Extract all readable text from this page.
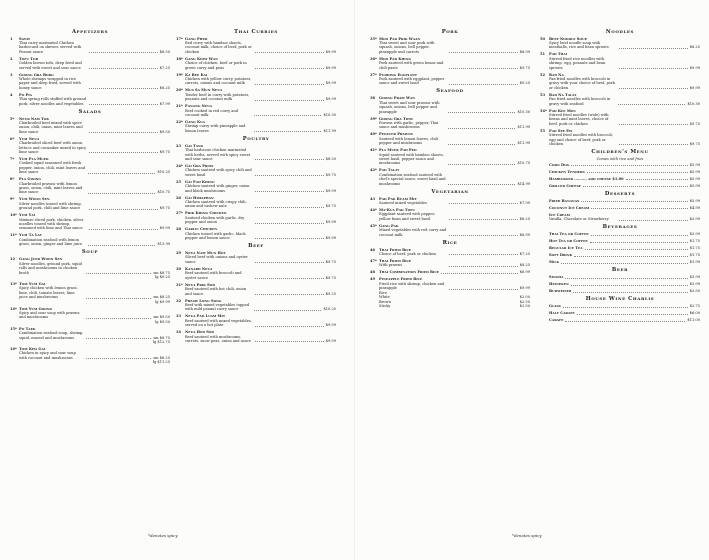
Appetizers
1	Satay
Thai curry marinated Chicken barbecued on skewer, served with Peanut sauce	$8.50
2	Tofu Tod
Golden brown tofu, deep fried and served with sweet and sour sauce	$7.25
3	Goong Gra Borg
Whole shrimps wrapped in rice paper and deep fried, served with honey sauce	$8.25
4	Po Pia
Thai spring rolls stuffed with ground pork, silver noodles and vegetables	$7.99
Salads
5*	Neur Nam Tok
Charbroiled beef mixed with spice onion, chili, onion, mint leaves and lime sauce	$9.50
6*	Yum Neua
Charbroiled sliced beef with onion, lettuce and cucumber mixed in spicy lime sauce	$9.75
7*	Yum Pla Muek
Cooked squid seasoned with fresh pepper, onion, chili, mint leaves and lime sauce	$10.25
8*	Pla Goong
Charbroiled prawns with lemon grass, onion, chili, mint leaves and lime sauce	$10.75
9*	Yum Woon Sen
Silver noodles tossed with shrimp, ground pork, chili and lime sauce	$9.75
10* Yum Yai
Mixture sliced pork, chicken, silver noodles tossed with shrimp, seasoned with lime and Thai sauce	$9.99
11* Yum Ta Lay
Combination seafood with lemon grass, onion, ginger and lime juice	$13.99
Soup
12	Gang Jued Woon Sen
Silver noodles, ground pork, squid rolls and mushrooms in chicken broth	sm $8.75
lg $9.25
13* Tom Yum Gai
Spicy chicken with lemon grass, lime, chili, tomato leaves, lime juice and mushrooms	sm $8.25
lg $9.99
14* Tom Yum Goong
Spicy and sour soup with prawns and mushrooms	sm $9.50
lg $9.50
15* Po Taek
Combination seafood soup, shrimp, squid, mussel and mushrooms	sm $8.75
lg $12.75
16* Tom Kha Gai
Chicken in spicy and sour soup with coconut and mushrooms	sm $8.25
lg $11.25
Thai Curries
17* Gang Phed
Red curry with bamboo shoots, coconut milk, choice of beef, pork or chicken	$9.99
18* Gang Kiow Wan
Choice of chicken, beef or pork in green curry and peas	$9.99
19* Ka Ree Kai
Chicken with yellow curry, potatoes, carrots, onions and coconut milk	$9.99
20* Mus Sa Mun Neua
Tender beef in curry with potatoes, peanuts and coconut milk	$9.99
21* Panang Neua
Beef cooked in red curry and coconut milk	$10.50
22* Gang Kua
Shrimp curry with pineapple and lemon leaves	$11.99
Poultry
23	Gai Tang
Thai barbecue chicken marinated with herbs, served with spicy sweet and sour sauce	$8.50
24* Gai Gra Prow
Chicken sauteed with spicy chili and sweet basil	$9.75
25	Gai Pad Khing
Chicken sauteed with ginger, onion and black mushrooms	$9.99
26	Gai Himaphan
Chicken sauteed with crispy chili, onion and cashew nuts	$9.75
27* Prik Khing Chicken
Sauteed chicken with garlic, dry pepper and onion	$9.99
28	Garlic Chicken
Chicken tossed with garlic, black pepper and lemon sauce	$9.99
Beef
29	Neua Nam Mun Hoy
Sliced beef with onions and oyster sauce	$9.75
30	Kanard Neua
Beef sauteed with broccoli and oyster sauce	$9.75
31* Neua Prik Sod
Beef sauteed with hot chili, onion and sauce	$9.25
32	Preaw Long Song
Beef with mixed vegetables topped with mild peanut curry sauce	$10.25
33	Neua Pad Luam Mit
Beef sauteed with mixed vegetables, served on a hot plate	$9.99
34	Neua Hed Sod
Beef sauteed with mushrooms, carrots, snow peas, onion and sauce	$9.99
Pork
35* Moo Pad Prik Waan
Thai sweet and sour pork with squash, onions, bell pepper, pineapple and carrots	$8.99
36* Moo Pad Khing
Pork sauteed with green beans and chili paste	$9.75
37* Pudding Eggplant
Pork sauteed with eggplant, pepper sauce and sweet basil	$9.25
Seafood
38	Goong Pram Wan
Thai sweet and sour prawns with squash, onions, bell pepper and pineapple	$10.50
39* Goong Gra Tiem
Prawns with garlic, pepper, Thai sauce and mushrooms	$11.99
40* Peoluer Prawns
Sauteed with lemon leaves, chili pepper and mushrooms	$11.99
41* Pla Muek Pad Ped
Squid sauteed with bamboo shoots, sweet basil, pepper sauce and mushrooms	$10.75
42* Pad Talay
Combination seafood sauteed with chef's special sauce, sweet basil and mushrooms	$14.99
Vegetarian
43	Pad Pak Ruam Mit
Sauteed mixed vegetables	$7.99
44* Ma-Kua Pad Tofu
Eggplant sauteed with pepper, yellow bean and sweet basil	$8.25
45* Gang Pak
Mixed vegetables with red curry and coconut milk	$8.99
Rice
46	Thai Fried Rice
Choice of beef, pork or chicken	$7.25
47* Thai Fried Rice
With prawns	$8.25
48	Thai Combination Fried Rice	$8.99
49	Pineapple Fried Rice
Fried rice with shrimp, chicken and pineapple	$9.99
Rice
White	$2.00
Brown	$2.50
Sticky	$2.50
Noodles
50	Beef Noodle Soup
Spicy beef noodle soup with meatballs, rice and bean sprouts	$8.25
51	Pad Thai
Stirred fried rice noodles with shrimp, egg, peanuts and bean sprouts	$9.99
52	Rad Na
Pan fried noodles with broccoli in gravy with your choice of beef, pork or chicken	$9.99
53	Rad Na Talay
Pan fried noodles with broccoli in gravy with seafood	$10.50
54* Pad Kee Mou
Stirred fried noodles (wide) with beans and mint leaves, choice of beef, pork or chicken	$9.75
55	Pad See Ew
Stirred fried noodles with broccoli, egg and choice of beef, pork or chicken	$9.75
Children's Menu
Comes with rice and fries
Corn Dog	$5.99
Chicken Tenders	$5.99
Hamburger .......... add cheese $1.00	$5.99
Grilled Cheese	$5.99
Desserts
Fried Bananas	$5.99
Coconut Ice Cream	$4.99
Ice Cream
Vanilla, Chocolate or Strawberry	$3.99
Beverages
Thai Tea or Coffee	$3.99
Hot Tea or Coffee	$1.75
Regular Ice Tea	$1.75
Soft Drink	$1.75
Milk	$1.99
Beer
Singha	$3.99
Heineken	$3.99
Budweiser	$3.50
House Wine Chablis
Glass	$2.75
Half Carafe	$6.00
Carafe	$11.00
*denotes spicy	*denotes spicy
